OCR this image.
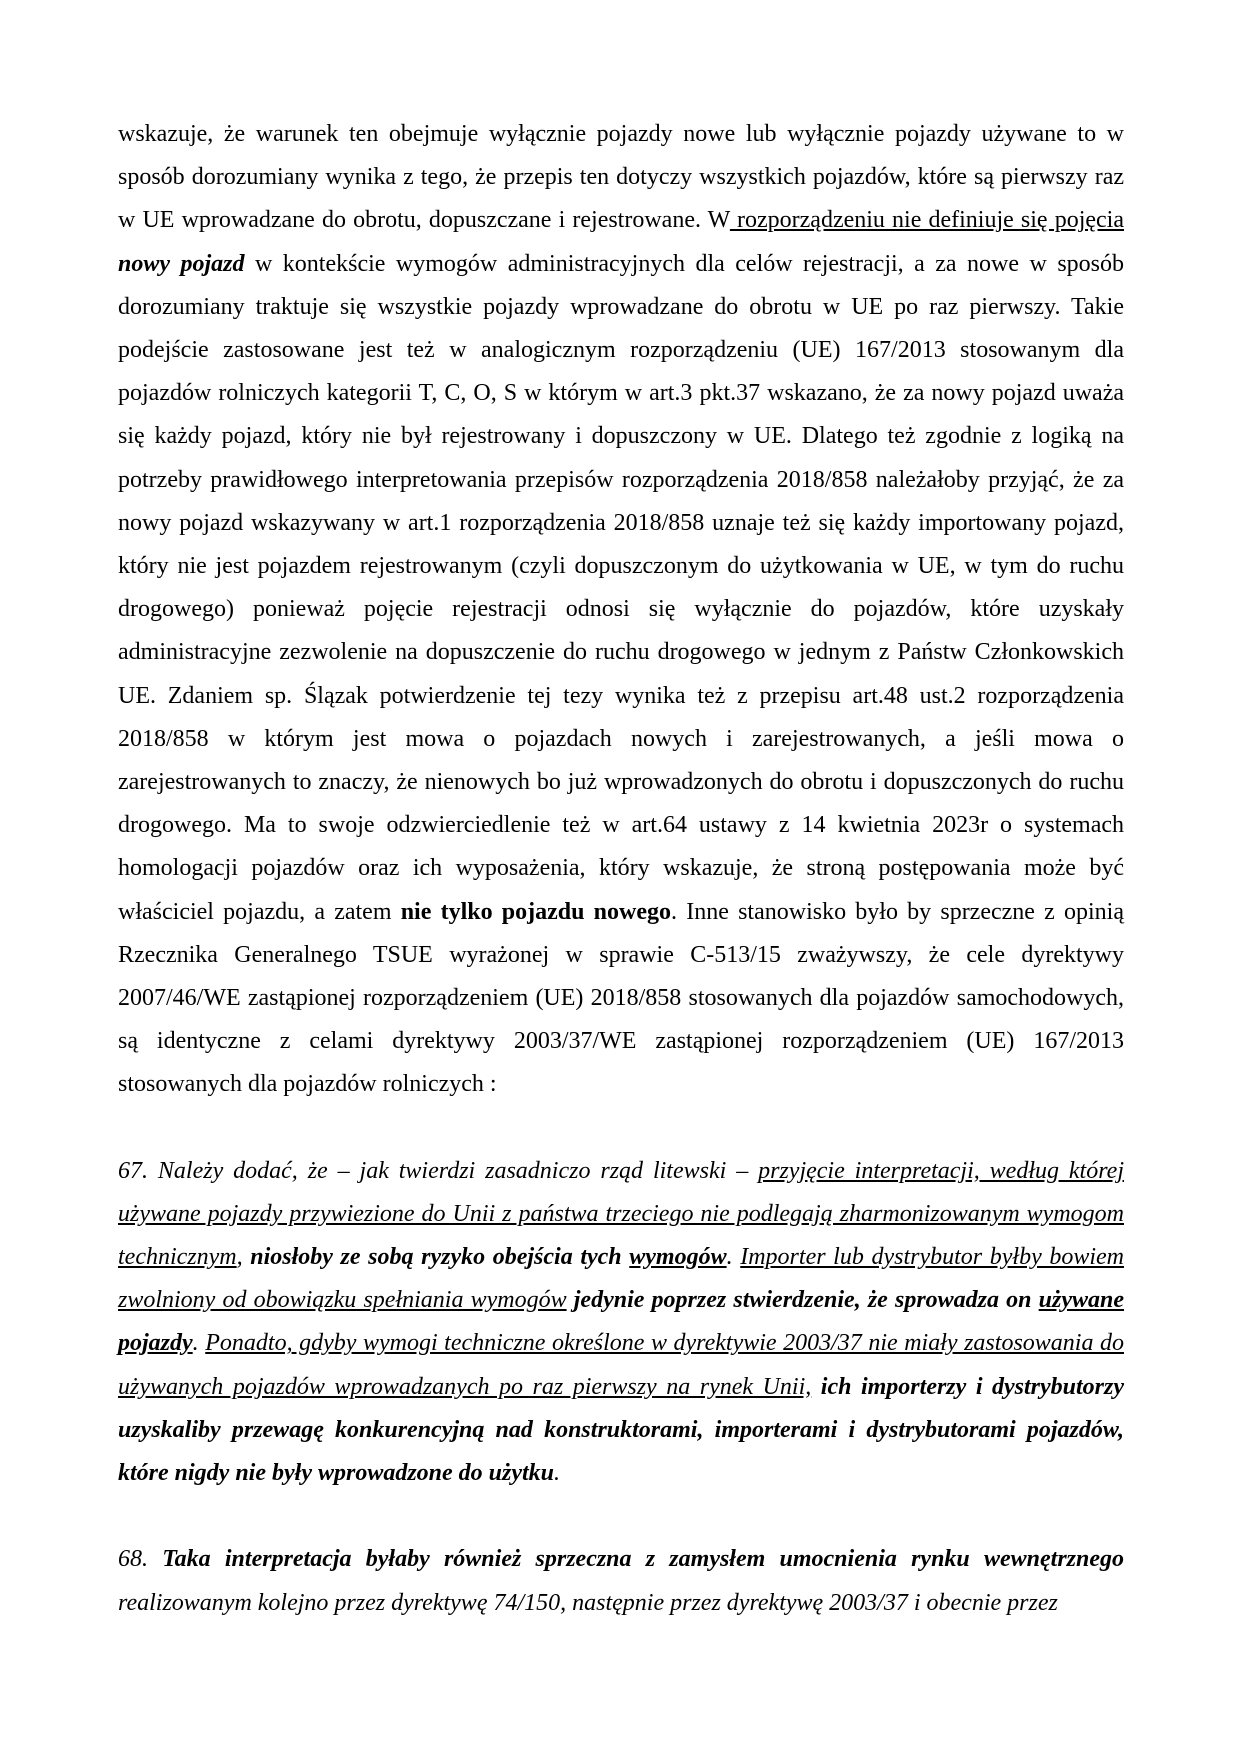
wskazuje, że warunek ten obejmuje wyłącznie pojazdy nowe lub wyłącznie pojazdy używane to w sposób dorozumiany wynika z tego, że przepis ten dotyczy wszystkich pojazdów, które są pierwszy raz w UE wprowadzane do obrotu, dopuszczane i rejestrowane. W rozporządzeniu nie definiuje się pojęcia nowy pojazd w kontekście wymogów administracyjnych dla celów rejestracji, a za nowe w sposób dorozumiany traktuje się wszystkie pojazdy wprowadzane do obrotu w UE po raz pierwszy. Takie podejście zastosowane jest też w analogicznym rozporządzeniu (UE) 167/2013 stosowanym dla pojazdów rolniczych kategorii T, C, O, S w którym w art.3 pkt.37 wskazano, że za nowy pojazd uważa się każdy pojazd, który nie był rejestrowany i dopuszczony w UE. Dlatego też zgodnie z logiką na potrzeby prawidłowego interpretowania przepisów rozporządzenia 2018/858 należałoby przyjąć, że za nowy pojazd wskazywany w art.1 rozporządzenia 2018/858 uznaje też się każdy importowany pojazd, który nie jest pojazdem rejestrowanym (czyli dopuszczonym do użytkowania w UE, w tym do ruchu drogowego) ponieważ pojęcie rejestracji odnosi się wyłącznie do pojazdów, które uzyskały administracyjne zezwolenie na dopuszczenie do ruchu drogowego w jednym z Państw Członkowskich UE. Zdaniem sp. Ślązak potwierdzenie tej tezy wynika też z przepisu art.48 ust.2 rozporządzenia 2018/858 w którym jest mowa o pojazdach nowych i zarejestrowanych, a jeśli mowa o zarejestrowanych to znaczy, że nienowych bo już wprowadzonych do obrotu i dopuszczonych do ruchu drogowego. Ma to swoje odzwierciedlenie też w art.64 ustawy z 14 kwietnia 2023r o systemach homologacji pojazdów oraz ich wyposażenia, który wskazuje, że stroną postępowania może być właściciel pojazdu, a zatem nie tylko pojazdu nowego. Inne stanowisko było by sprzeczne z opinią Rzecznika Generalnego TSUE wyrażonej w sprawie C-513/15 zważywszy, że cele dyrektywy 2007/46/WE zastąpionej rozporządzeniem (UE) 2018/858 stosowanych dla pojazdów samochodowych, są identyczne z celami dyrektywy 2003/37/WE zastąpionej rozporządzeniem (UE) 167/2013 stosowanych dla pojazdów rolniczych :

67. Należy dodać, że – jak twierdzi zasadniczo rząd litewski – przyjęcie interpretacji, według której używane pojazdy przywiezione do Unii z państwa trzeciego nie podlegają zharmonizowanym wymogom technicznym, niosłoby ze sobą ryzyko obejścia tych wymogów. Importer lub dystrybutor byłby bowiem zwolniony od obowiązku spełniania wymogów jedynie poprzez stwierdzenie, że sprowadza on używane pojazdy. Ponadto, gdyby wymogi techniczne określone w dyrektywie 2003/37 nie miały zastosowania do używanych pojazdów wprowadzanych po raz pierwszy na rynek Unii, ich importerzy i dystrybutorzy uzyskaliby przewagę konkurencyjną nad konstruktorami, importerami i dystrybutorami pojazdów, które nigdy nie były wprowadzone do użytku.

68. Taka interpretacja byłaby również sprzeczna z zamysłem umocnienia rynku wewnętrznego realizowanym kolejno przez dyrektywę 74/150, następnie przez dyrektywę 2003/37 i obecnie przez
